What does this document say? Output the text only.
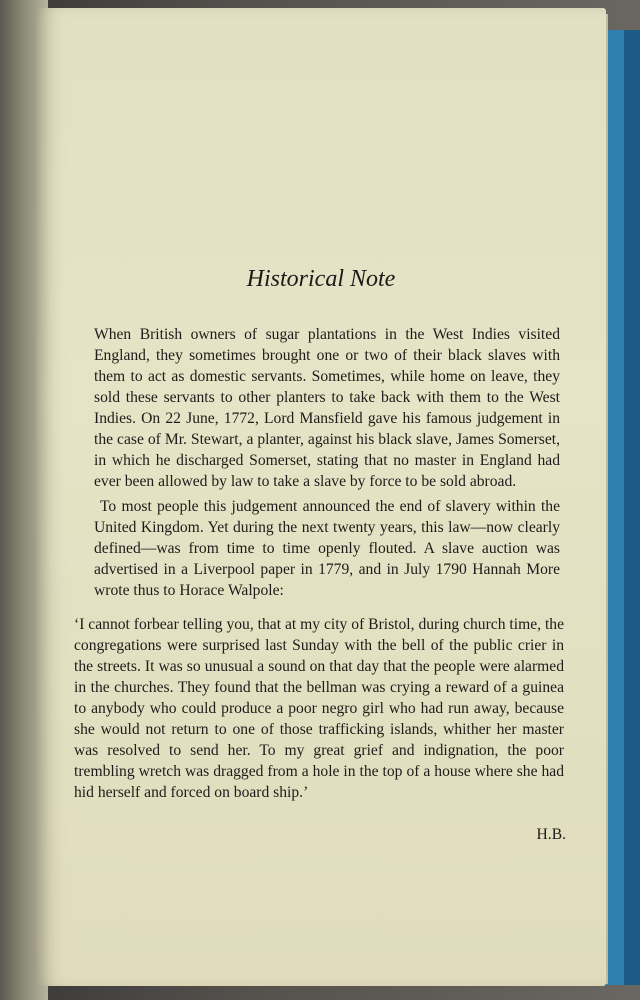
Historical Note
When British owners of sugar plantations in the West Indies visited England, they sometimes brought one or two of their black slaves with them to act as domestic servants. Sometimes, while home on leave, they sold these servants to other planters to take back with them to the West Indies. On 22 June, 1772, Lord Mansfield gave his famous judgement in the case of Mr. Stewart, a planter, against his black slave, James Somerset, in which he discharged Somerset, stating that no master in England had ever been allowed by law to take a slave by force to be sold abroad.
To most people this judgement announced the end of slavery within the United Kingdom. Yet during the next twenty years, this law—now clearly defined—was from time to time openly flouted. A slave auction was advertised in a Liverpool paper in 1779, and in July 1790 Hannah More wrote thus to Horace Walpole:
‘I cannot forbear telling you, that at my city of Bristol, during church time, the congregations were surprised last Sunday with the bell of the public crier in the streets. It was so unusual a sound on that day that the people were alarmed in the churches. They found that the bellman was crying a reward of a guinea to anybody who could produce a poor negro girl who had run away, because she would not return to one of those trafficking islands, whither her master was resolved to send her. To my great grief and indignation, the poor trembling wretch was dragged from a hole in the top of a house where she had hid herself and forced on board ship.’
H.B.
